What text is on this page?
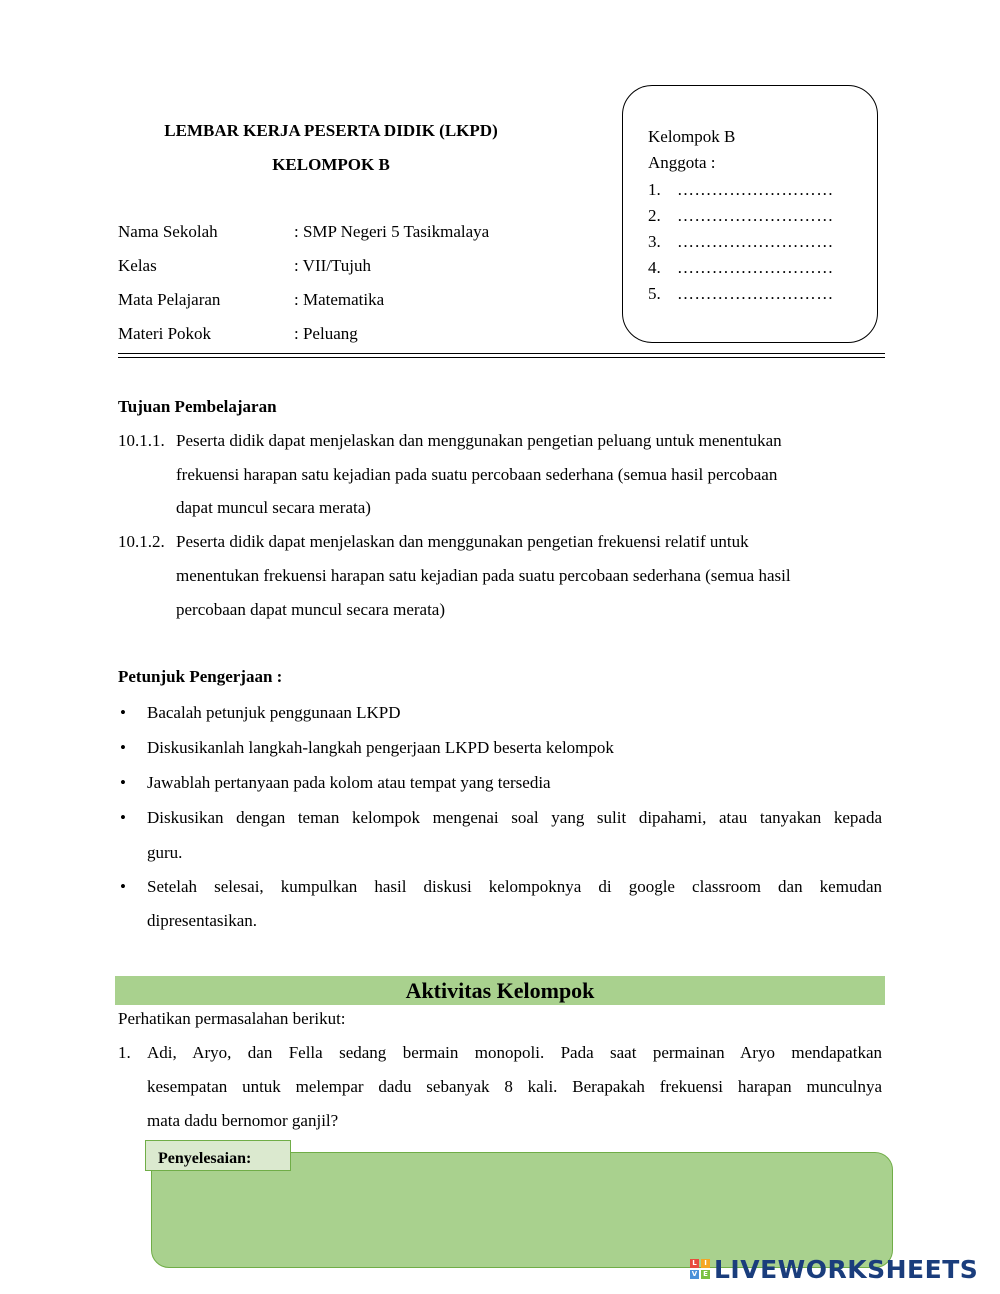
LEMBAR KERJA PESERTA DIDIK (LKPD)
KELOMPOK B
Nama Sekolah	: SMP Negeri 5 Tasikmalaya
Kelas	: VII/Tujuh
Mata Pelajaran	: Matematika
Materi Pokok	: Peluang
Kelompok B
Anggota :
1. ………………………
2. ………………………
3. ………………………
4. ………………………
5. ………………………
Tujuan Pembelajaran
10.1.1. Peserta didik dapat menjelaskan dan menggunakan pengetian peluang untuk menentukan
frekuensi harapan satu kejadian pada suatu percobaan sederhana (semua hasil percobaan
dapat muncul secara merata)
10.1.2. Peserta didik dapat menjelaskan dan menggunakan pengetian frekuensi relatif untuk
menentukan frekuensi harapan satu kejadian pada suatu percobaan sederhana (semua hasil
percobaan dapat muncul secara merata)
Petunjuk Pengerjaan :
• Bacalah petunjuk penggunaan LKPD
• Diskusikanlah langkah-langkah pengerjaan LKPD beserta kelompok
• Jawablah pertanyaan pada kolom atau tempat yang tersedia
• Diskusikan dengan teman kelompok mengenai soal yang sulit dipahami, atau tanyakan kepada
guru.
• Setelah selesai, kumpulkan hasil diskusi kelompoknya di google classroom dan kemudan
dipresentasikan.
Aktivitas Kelompok
Perhatikan permasalahan berikut:
1. Adi, Aryo, dan Fella sedang bermain monopoli. Pada saat permainan Aryo mendapatkan
kesempatan untuk melempar dadu sebanyak 8 kali. Berapakah frekuensi harapan munculnya
mata dadu bernomor ganjil?
Penyelesaian:
L	I
V E LIVEWORKSHEETS
